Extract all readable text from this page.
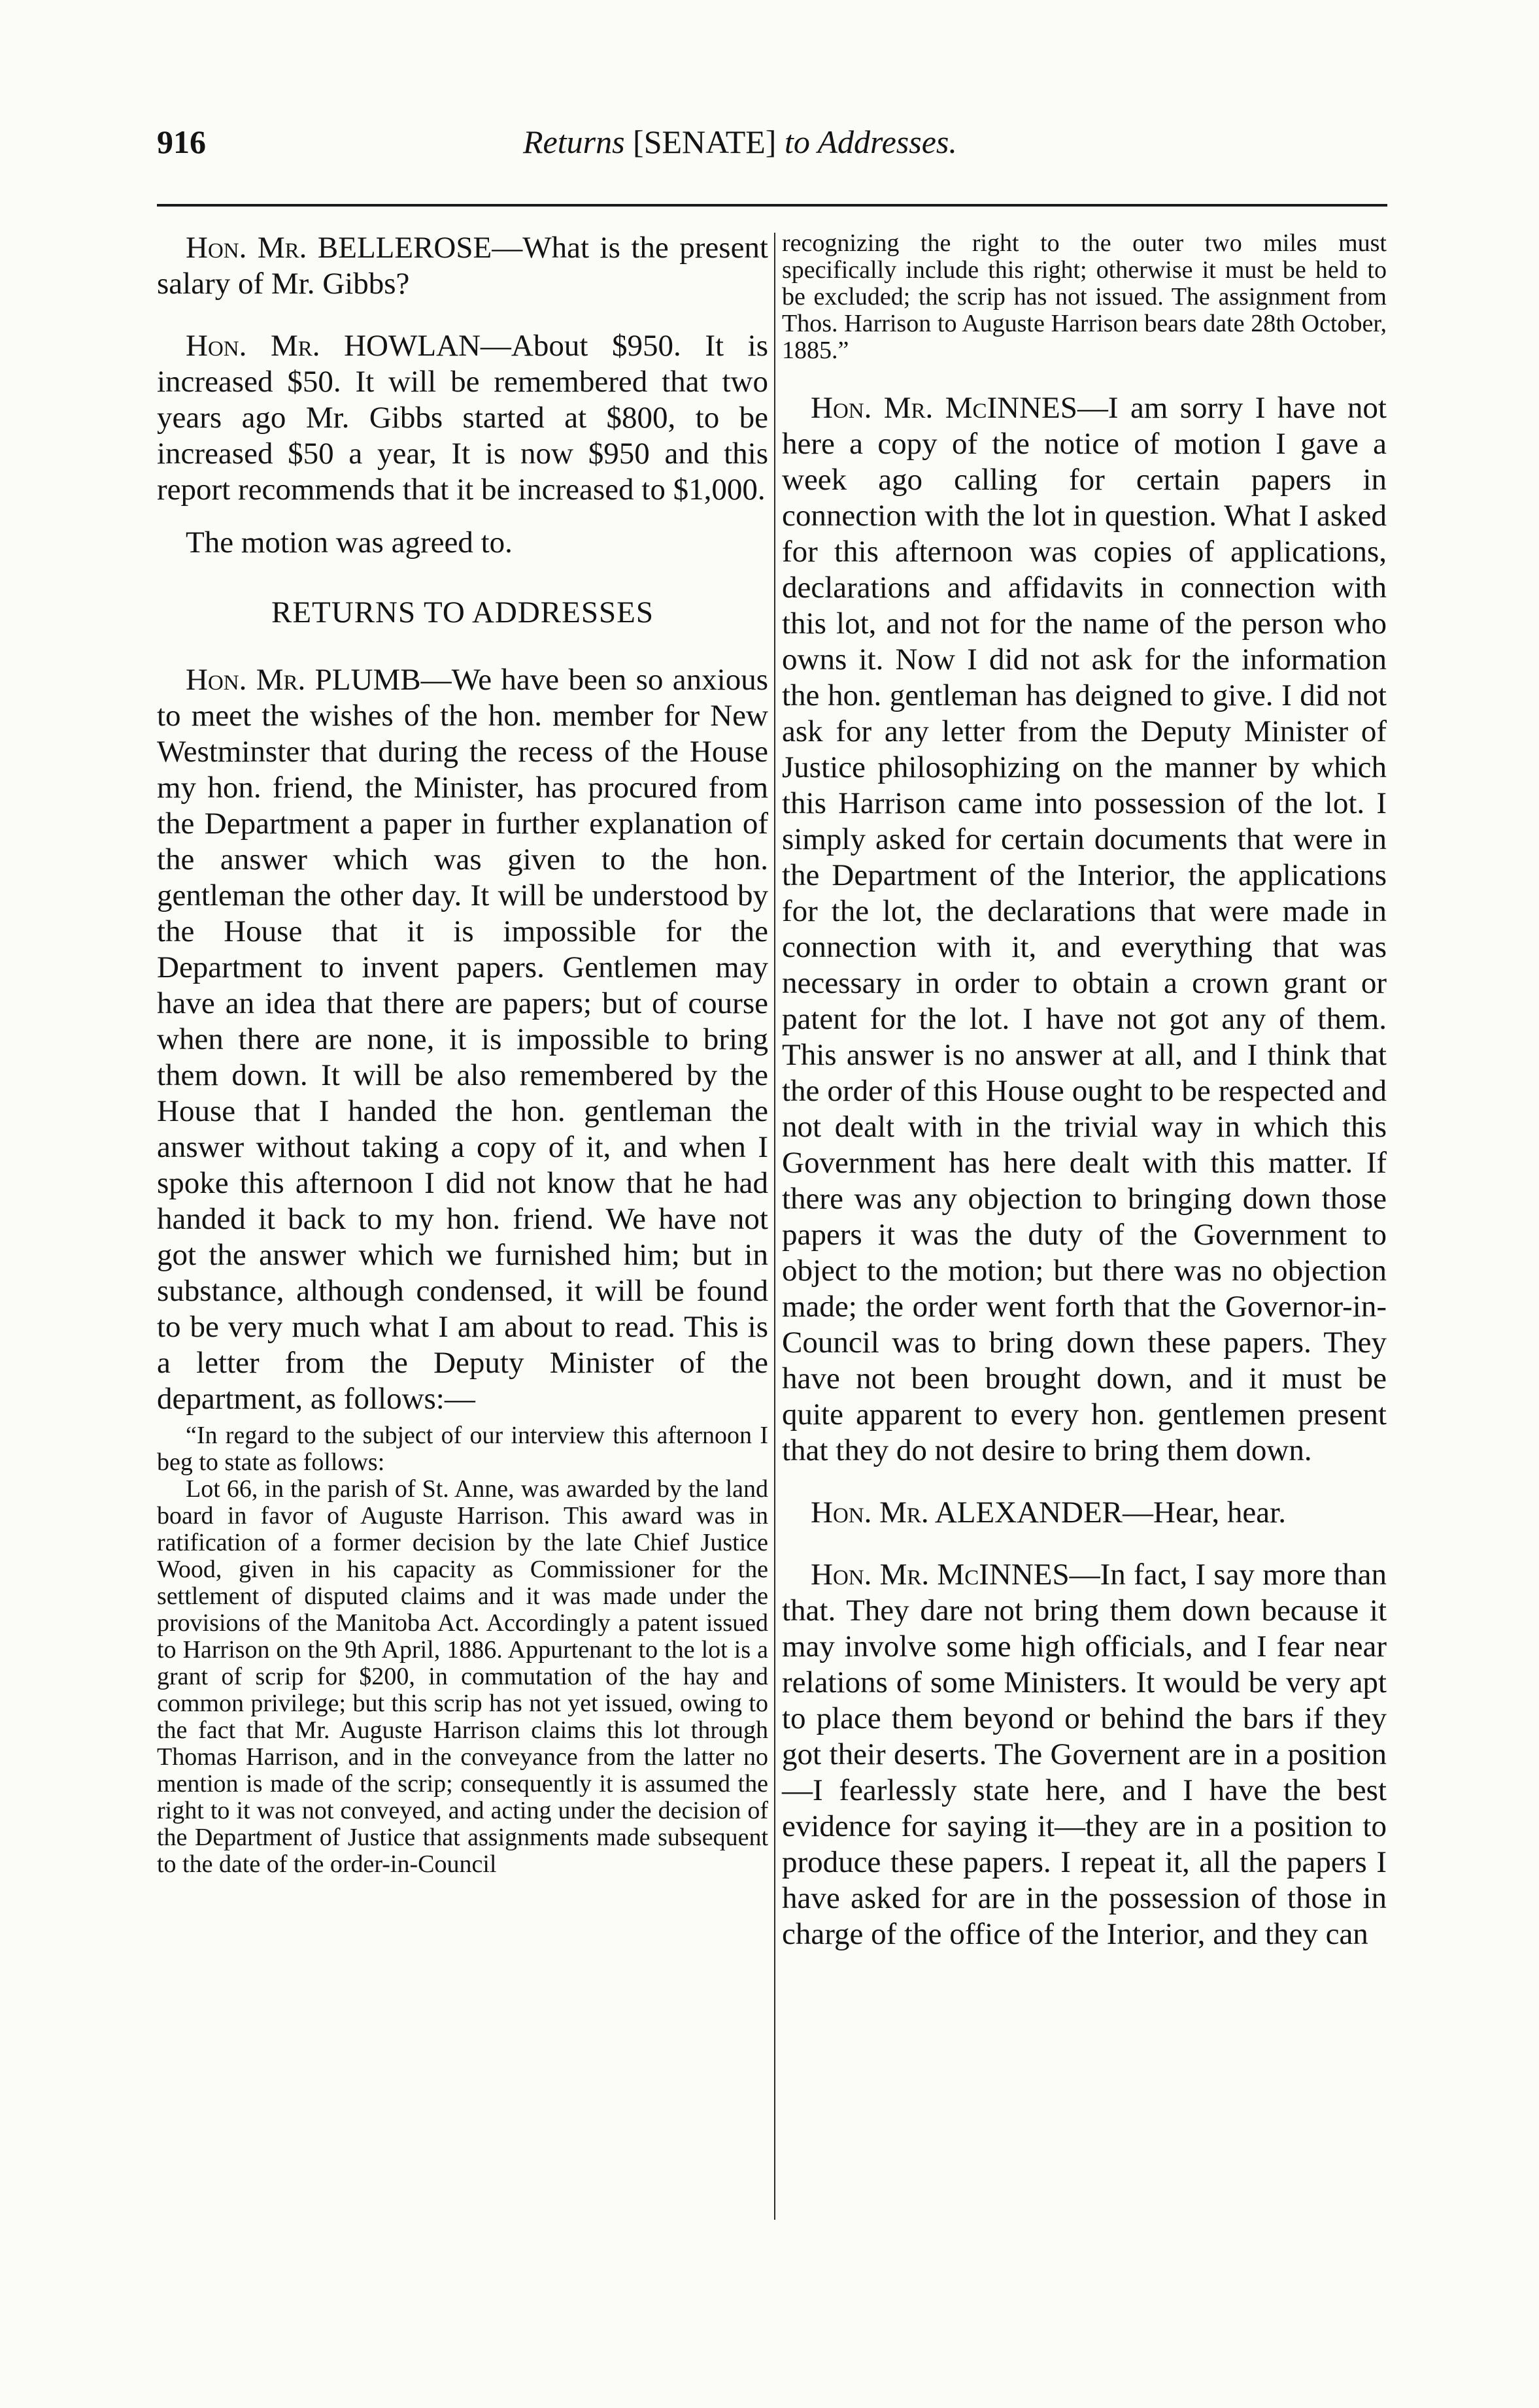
916	Returns [SENATE] to Addresses.

Hon. Mr. BELLEROSE—What is the present salary of Mr. Gibbs?

Hon. Mr. HOWLAN—About $950. It is increased $50. It will be remembered that two years ago Mr. Gibbs started at $800, to be increased $50 a year, It is now $950 and this report recommends that it be increased to $1,000.

The motion was agreed to.

RETURNS TO ADDRESSES

Hon. Mr. PLUMB—We have been so anxious to meet the wishes of the hon. member for New Westminster that during the recess of the House my hon. friend, the Minister, has procured from the Department a paper in further explanation of the answer which was given to the hon. gentleman the other day. It will be understood by the House that it is impossible for the Department to invent papers. Gentlemen may have an idea that there are papers; but of course when there are none, it is impossible to bring them down. It will be also remembered by the House that I handed the hon. gentleman the answer without taking a copy of it, and when I spoke this afternoon I did not know that he had handed it back to my hon. friend. We have not got the answer which we furnished him; but in substance, although condensed, it will be found to be very much what I am about to read. This is a letter from the Deputy Minister of the department, as follows:—

“In regard to the subject of our interview this afternoon I beg to state as follows:

Lot 66, in the parish of St. Anne, was awarded by the land board in favor of Auguste Harrison. This award was in ratification of a former decision by the late Chief Justice Wood, given in his capacity as Commissioner for the settlement of disputed claims and it was made under the provisions of the Manitoba Act. Accordingly a patent issued to Harrison on the 9th April, 1886. Appurtenant to the lot is a grant of scrip for $200, in commutation of the hay and common privilege; but this scrip has not yet issued, owing to the fact that Mr. Auguste Harrison claims this lot through Thomas Harrison, and in the conveyance from the latter no mention is made of the scrip; consequently it is assumed the right to it was not conveyed, and acting under the decision of the Department of Justice that assignments made subsequent to the date of the order-in-Council

recognizing the right to the outer two miles must specifically include this right; otherwise it must be held to be excluded; the scrip has not issued. The assignment from Thos. Harrison to Auguste Harrison bears date 28th October, 1885.”

Hon. Mr. McINNES—I am sorry I have not here a copy of the notice of motion I gave a week ago calling for certain papers in connection with the lot in question. What I asked for this afternoon was copies of applications, declarations and affidavits in connection with this lot, and not for the name of the person who owns it. Now I did not ask for the information the hon. gentleman has deigned to give. I did not ask for any letter from the Deputy Minister of Justice philosophizing on the manner by which this Harrison came into possession of the lot. I simply asked for certain documents that were in the Department of the Interior, the applications for the lot, the declarations that were made in connection with it, and everything that was necessary in order to obtain a crown grant or patent for the lot. I have not got any of them. This answer is no answer at all, and I think that the order of this House ought to be respected and not dealt with in the trivial way in which this Government has here dealt with this matter. If there was any objection to bringing down those papers it was the duty of the Government to object to the motion; but there was no objection made; the order went forth that the Governor-in-Council was to bring down these papers. They have not been brought down, and it must be quite apparent to every hon. gentlemen present that they do not desire to bring them down.

Hon. Mr. ALEXANDER—Hear, hear.

Hon. Mr. McINNES—In fact, I say more than that. They dare not bring them down because it may involve some high officials, and I fear near relations of some Ministers. It would be very apt to place them beyond or behind the bars if they got their deserts. The Governent are in a position—I fearlessly state here, and I have the best evidence for saying it—they are in a position to produce these papers. I repeat it, all the papers I have asked for are in the possession of those in charge of the office of the Interior, and they can
